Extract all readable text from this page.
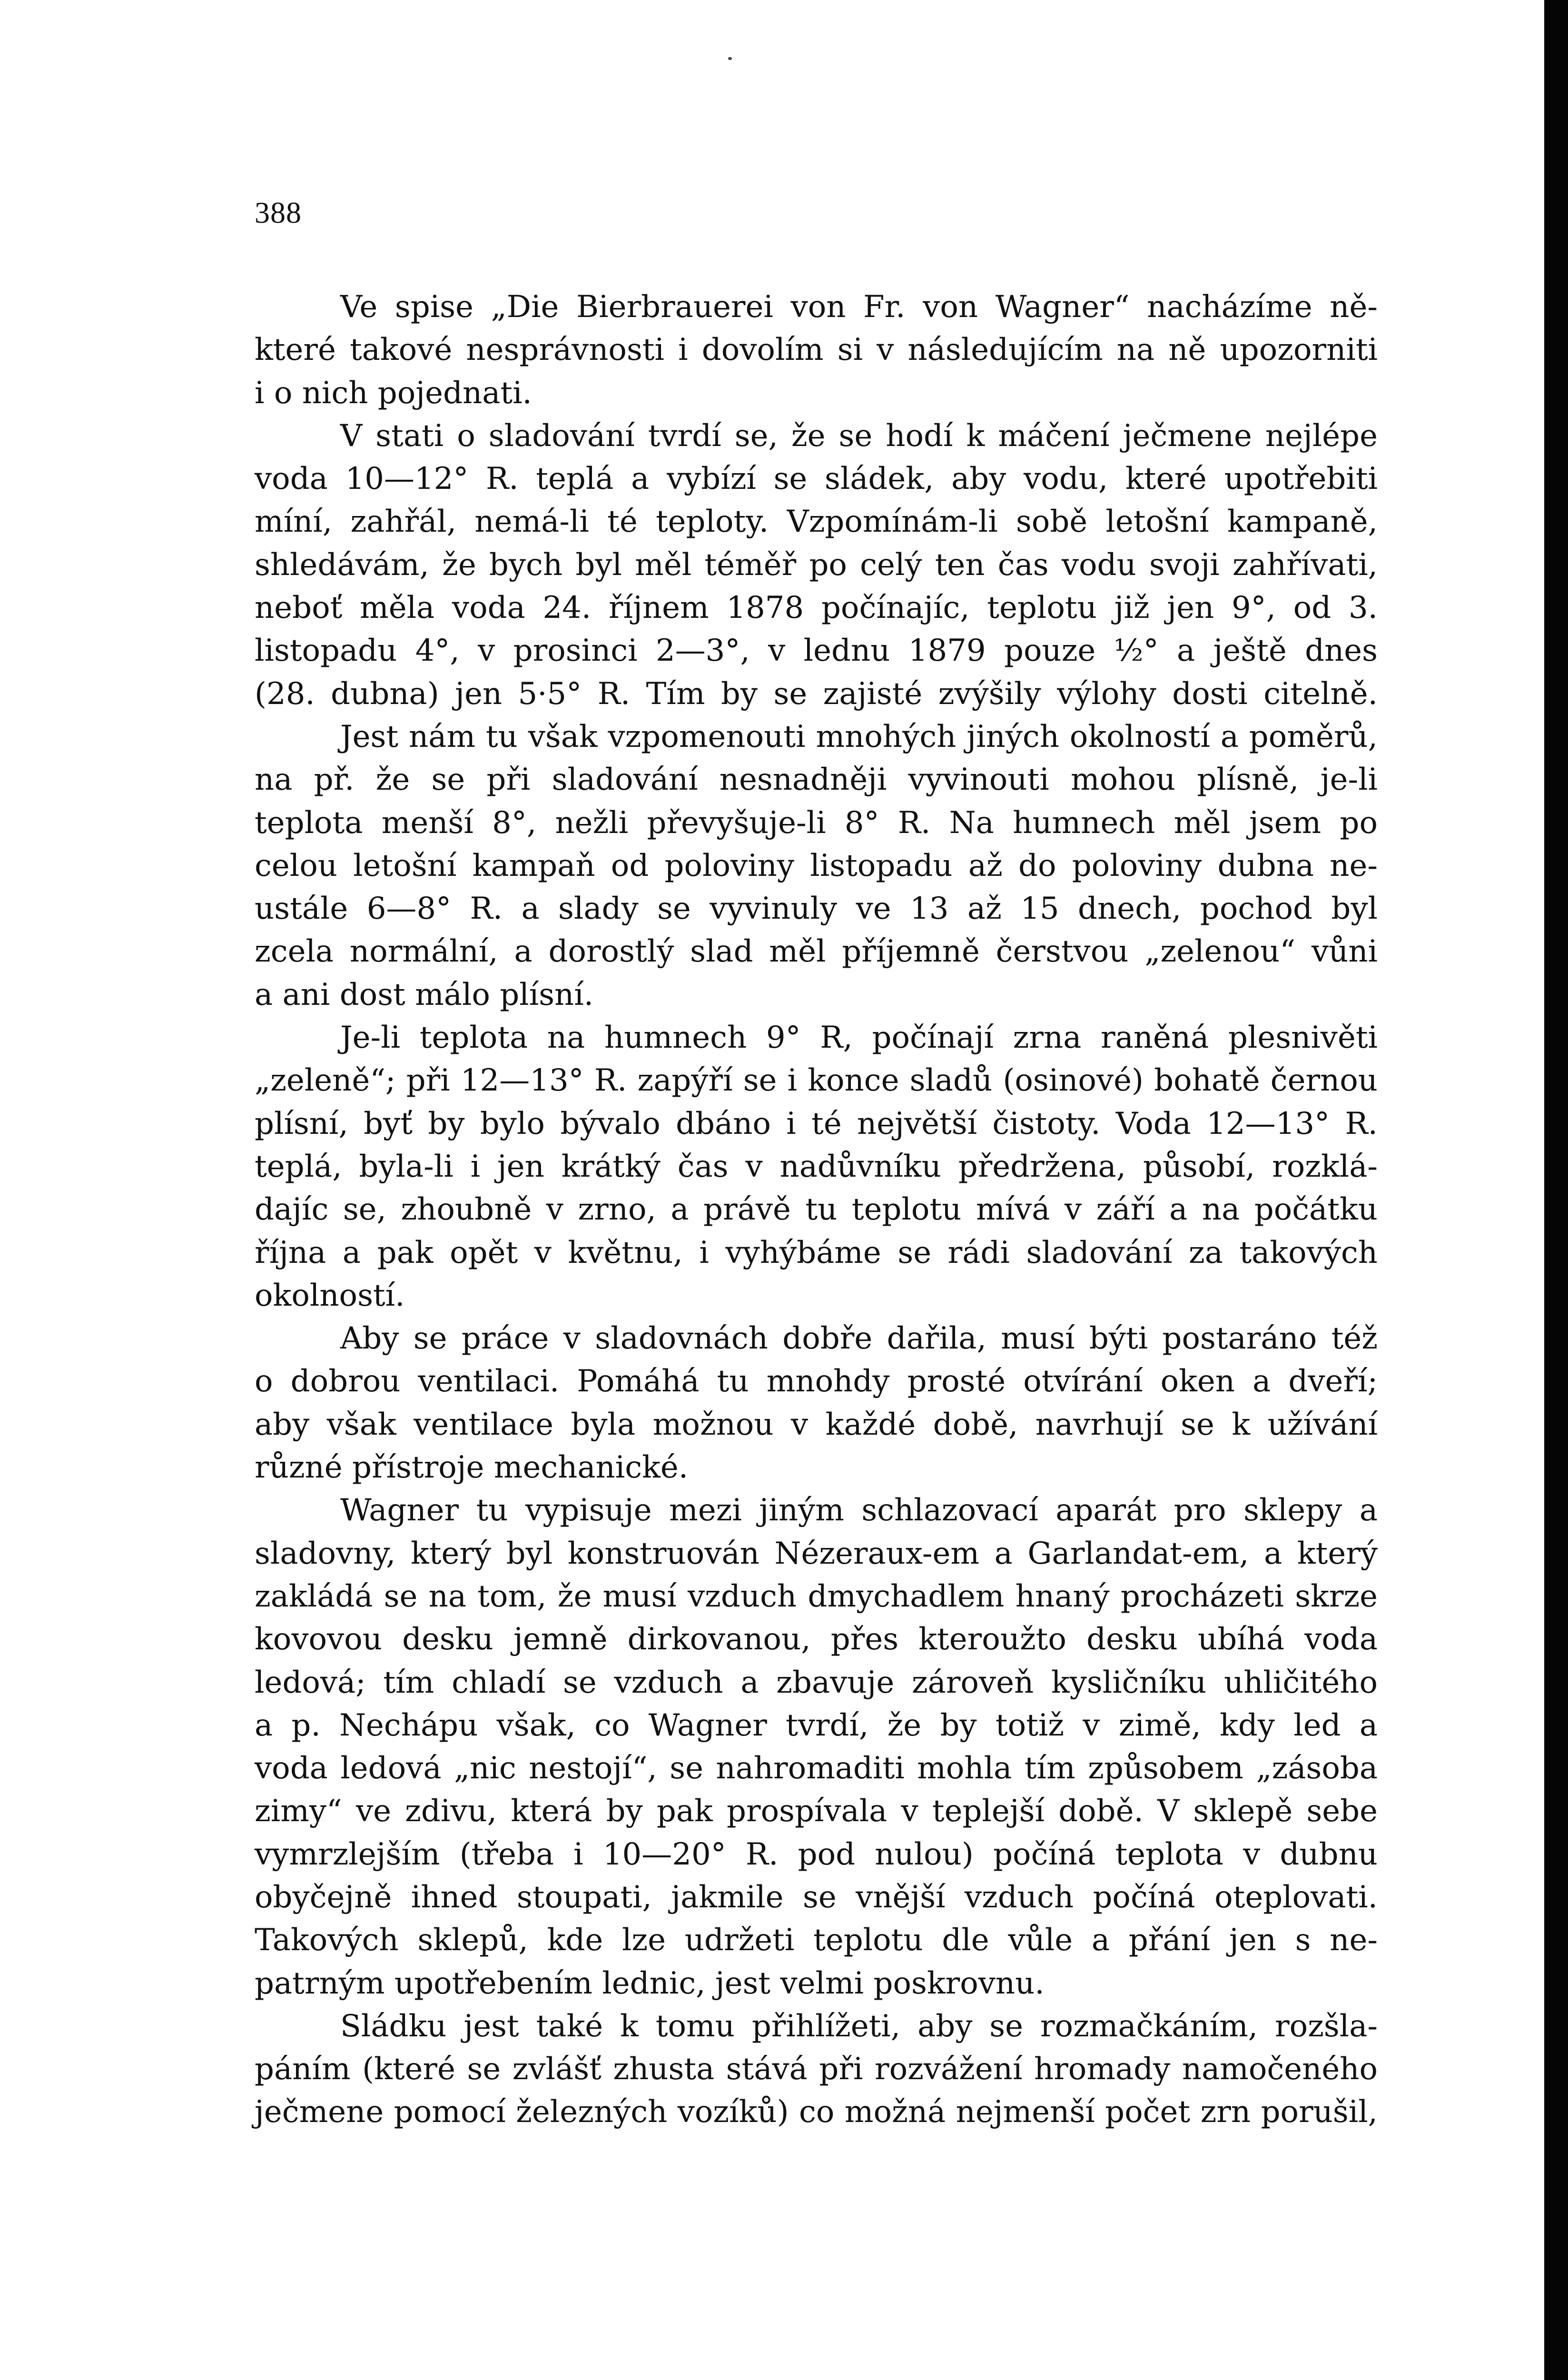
388
Ve spise „Die Bierbrauerei von Fr. von Wagner“ nacházíme ně-
které takové nesprávnosti i dovolím si v následujícím na ně upozorniti
i o nich pojednati.
V stati o sladování tvrdí se, že se hodí k máčení ječmene nejlépe
voda 10—12° R. teplá a vybízí se sládek, aby vodu, které upotřebiti
míní, zahřál, nemá-li té teploty. Vzpomínám-li sobě letošní kampaně,
shledávám, že bych byl měl téměř po celý ten čas vodu svoji zahřívati,
neboť měla voda 24. říjnem 1878 počínajíc, teplotu již jen 9°, od 3.
listopadu 4°, v prosinci 2—3°, v lednu 1879 pouze ½° a ještě dnes
(28. dubna) jen 5·5° R. Tím by se zajisté zvýšily výlohy dosti citelně.
Jest nám tu však vzpomenouti mnohých jiných okolností a poměrů,
na př. že se při sladování nesnadněji vyvinouti mohou plísně, je-li
teplota menší 8°, nežli převyšuje-li 8° R. Na humnech měl jsem po
celou letošní kampaň od poloviny listopadu až do poloviny dubna ne-
ustále 6—8° R. a slady se vyvinuly ve 13 až 15 dnech, pochod byl
zcela normální, a dorostlý slad měl příjemně čerstvou „zelenou“ vůni
a ani dost málo plísní.
Je-li teplota na humnech 9° R, počínají zrna raněná plesnivěti
„zeleně“; při 12—13° R. zapýří se i konce sladů (osinové) bohatě černou
plísní, byť by bylo bývalo dbáno i té největší čistoty. Voda 12—13° R.
teplá, byla-li i jen krátký čas v nadůvníku předržena, působí, rozklá-
dajíc se, zhoubně v zrno, a právě tu teplotu mívá v září a na počátku
října a pak opět v květnu, i vyhýbáme se rádi sladování za takových
okolností.
Aby se práce v sladovnách dobře dařila, musí býti postaráno též
o dobrou ventilaci. Pomáhá tu mnohdy prosté otvírání oken a dveří;
aby však ventilace byla možnou v každé době, navrhují se k užívání
různé přístroje mechanické.
Wagner tu vypisuje mezi jiným schlazovací aparát pro sklepy a
sladovny, který byl konstruován Nézeraux-em a Garlandat-em, a který
zakládá se na tom, že musí vzduch dmychadlem hnaný procházeti skrze
kovovou desku jemně dirkovanou, přes kteroužto desku ubíhá voda
ledová; tím chladí se vzduch a zbavuje zároveň kysličníku uhličitého
a p. Nechápu však, co Wagner tvrdí, že by totiž v zimě, kdy led a
voda ledová „nic nestojí“, se nahromaditi mohla tím způsobem „zásoba
zimy“ ve zdivu, která by pak prospívala v teplejší době. V sklepě sebe
vymrzlejším (třeba i 10—20° R. pod nulou) počíná teplota v dubnu
obyčejně ihned stoupati, jakmile se vnější vzduch počíná oteplovati.
Takových sklepů, kde lze udržeti teplotu dle vůle a přání jen s ne-
patrným upotřebením lednic, jest velmi poskrovnu.
Sládku jest také k tomu přihlížeti, aby se rozmačkáním, rozšla-
páním (které se zvlášť zhusta stává při rozvážení hromady namočeného
ječmene pomocí železných vozíků) co možná nejmenší počet zrn porušil,
